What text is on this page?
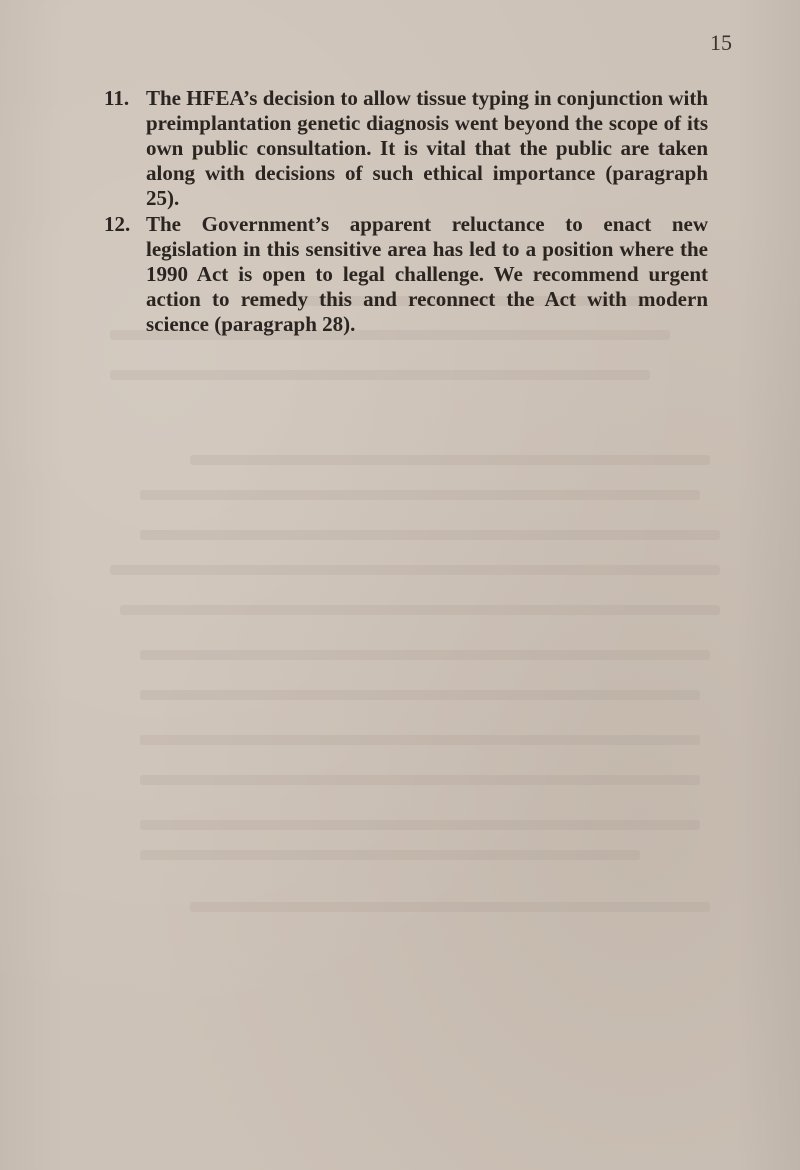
15
11. The HFEA’s decision to allow tissue typing in conjunction with preimplantation genetic diagnosis went beyond the scope of its own public consultation. It is vital that the public are taken along with decisions of such ethical importance (paragraph 25).
12. The Government’s apparent reluctance to enact new legislation in this sensitive area has led to a position where the 1990 Act is open to legal challenge. We recommend urgent action to remedy this and reconnect the Act with modern science (paragraph 28).
